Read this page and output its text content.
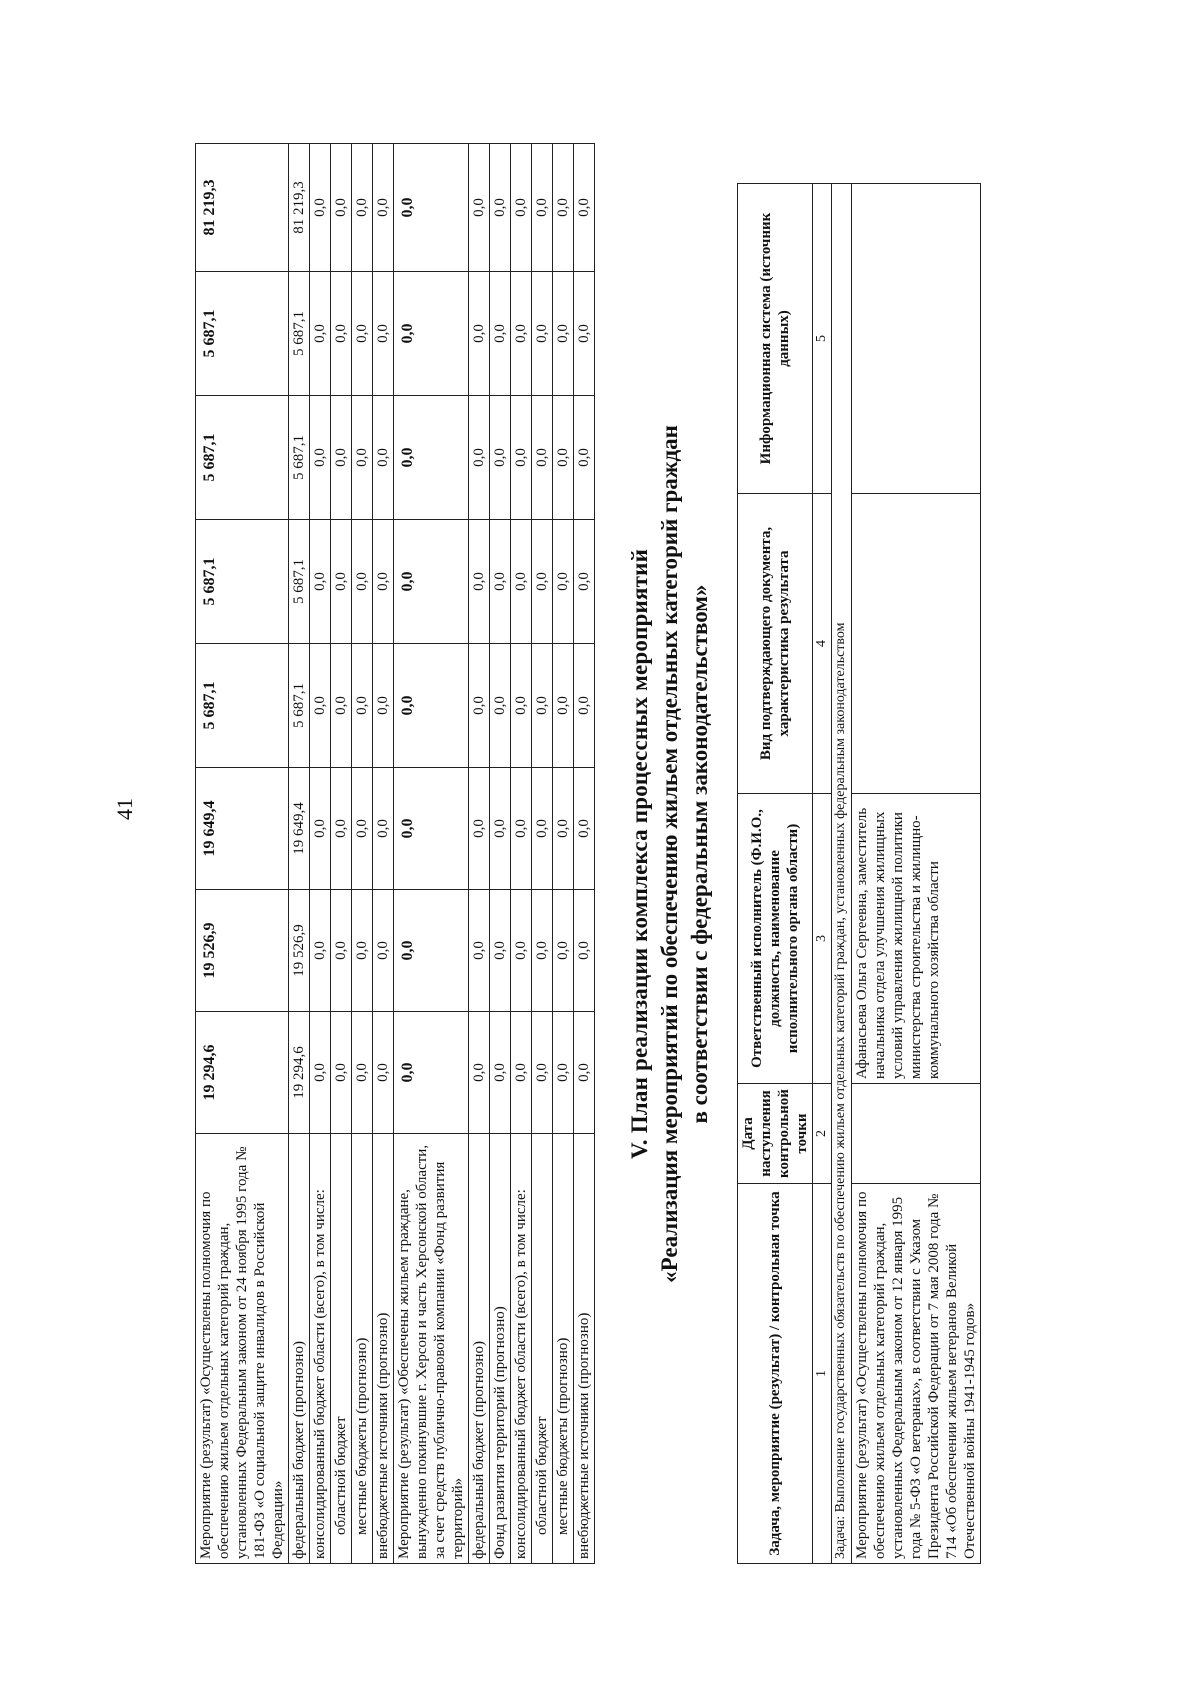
41
Мероприятие (результат) «Осуществлены полномочия по обеспечению жильем отдельных категорий граждан, установленных Федеральным законом от 24 ноября 1995 года № 181-ФЗ «О социальной защите инвалидов в Российской Федерации»	19 294,6	19 526,9	19 649,4	5 687,1	5 687,1	5 687,1	5 687,1	81 219,3
федеральный бюджет (прогнозно)	19 294,6	19 526,9	19 649,4	5 687,1	5 687,1	5 687,1	5 687,1	81 219,3
консолидированный бюджет области (всего), в том числе:	0,0	0,0	0,0	0,0	0,0	0,0	0,0	0,0
областной бюджет	0,0	0,0	0,0	0,0	0,0	0,0	0,0	0,0
местные бюджеты (прогнозно)	0,0	0,0	0,0	0,0	0,0	0,0	0,0	0,0
внебюджетные источники (прогнозно)	0,0	0,0	0,0	0,0	0,0	0,0	0,0	0,0
Мероприятие (результат) «Обеспечены жильем граждане, вынужденно покинувшие г. Херсон и часть Херсонской области, за счет средств публично-правовой компании «Фонд развития территорий»	0,0	0,0	0,0	0,0	0,0	0,0	0,0	0,0
федеральный бюджет (прогнозно)	0,0	0,0	0,0	0,0	0,0	0,0	0,0	0,0
Фонд развития территорий (прогнозно)	0,0	0,0	0,0	0,0	0,0	0,0	0,0	0,0
консолидированный бюджет области (всего), в том числе:	0,0	0,0	0,0	0,0	0,0	0,0	0,0	0,0
областной бюджет	0,0	0,0	0,0	0,0	0,0	0,0	0,0	0,0
местные бюджеты (прогнозно)	0,0	0,0	0,0	0,0	0,0	0,0	0,0	0,0
внебюджетные источники (прогнозно)	0,0	0,0	0,0	0,0	0,0	0,0	0,0	0,0
V. План реализации комплекса процессных мероприятий «Реализация мероприятий по обеспечению жильем отдельных категорий граждан в соответствии с федеральным законодательством»
Задача, мероприятие (результат) / контрольная точка	Дата наступления контрольной точки	Ответственный исполнитель (Ф.И.О., должность, наименование исполнительного органа области)	Вид подтверждающего документа, характеристика результата	Информационная система (источник данных)
1	2	3	4	5
Задача: Выполнение государственных обязательств по обеспечению жильем отдельных категорий граждан, установленных федеральным законодательством				
Мероприятие (результат) «Осуществлены полномочия по обеспечению жильем отдельных категорий граждан, установленных Федеральным законом от 12 января 1995 года № 5-ФЗ «О ветеранах», в соответствии с Указом Президента Российской Федерации от 7 мая 2008 года № 714 «Об обеспечении жильем ветеранов Великой Отечественной войны 1941-1945 годов»		Афанасьева Ольга Сергеевна, заместитель начальника отдела улучшения жилищных условий управления жилищной политики министерства строительства и жилищно-коммунального хозяйства области		
